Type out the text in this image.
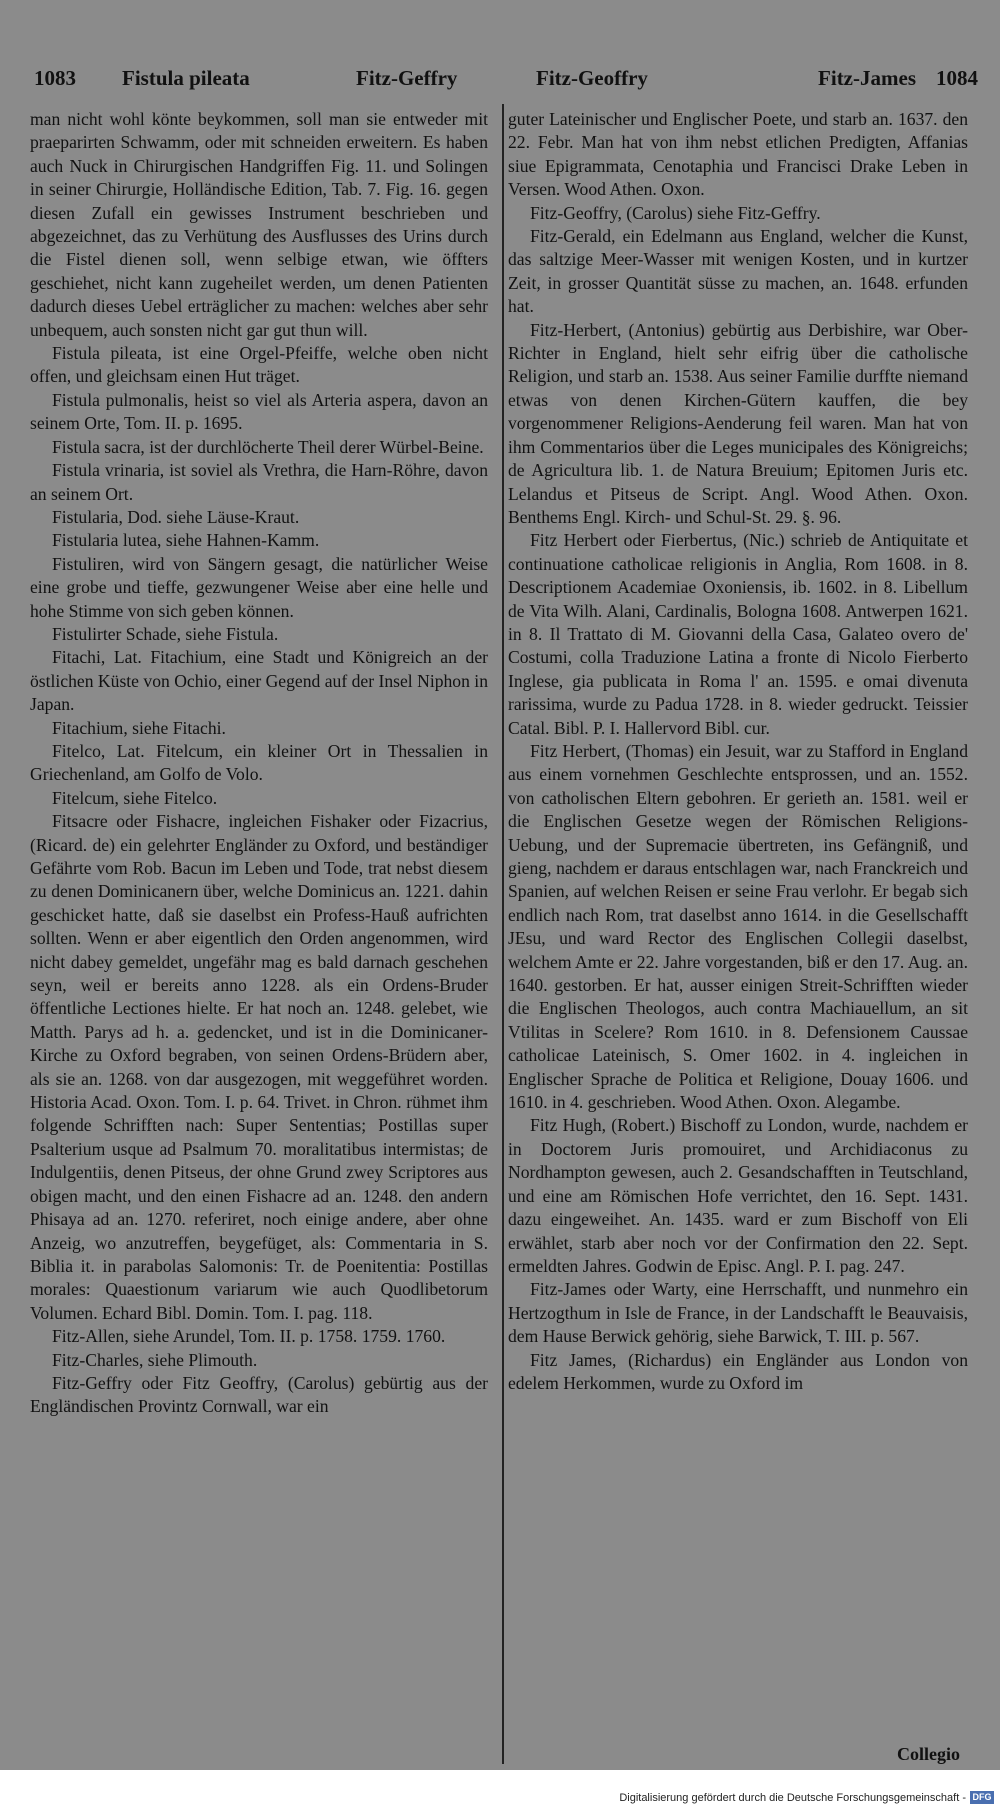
1083 Fistula pileata	Fitz-Geffry	Fitz-Geoffry	Fitz-James 1084

man nicht wohl könte beykommen, soll man sie entweder mit praeparirten Schwamm, oder mit schneiden erweitern. Es haben auch Nuck in Chirurgischen Handgriffen Fig. 11. und Solingen in seiner Chirurgie, Holländische Edition, Tab. 7. Fig. 16. gegen diesen Zufall ein gewisses Instrument beschrieben und abgezeichnet, das zu Verhütung des Ausflusses des Urins durch die Fistel dienen soll, wenn selbige etwan, wie öffters geschiehet, nicht kann zugeheilet werden, um denen Patienten dadurch dieses Uebel erträglicher zu machen: welches aber sehr unbequem, auch sonsten nicht gar gut thun will.

Fistula pileata, ist eine Orgel-Pfeiffe, welche oben nicht offen, und gleichsam einen Hut träget.

Fistula pulmonalis, heist so viel als Arteria aspera, davon an seinem Orte, Tom. II. p. 1695.

Fistula sacra, ist der durchlöcherte Theil derer Würbel-Beine.

Fistula vrinaria, ist soviel als Vrethra, die Harn-Röhre, davon an seinem Ort.

Fistularia, Dod. siehe Läuse-Kraut.

Fistularia lutea, siehe Hahnen-Kamm.

Fistuliren, wird von Sängern gesagt, die natürlicher Weise eine grobe und tieffe, gezwungener Weise aber eine helle und hohe Stimme von sich geben können.

Fistulirter Schade, siehe Fistula.

Fitachi, Lat. Fitachium, eine Stadt und Königreich an der östlichen Küste von Ochio, einer Gegend auf der Insel Niphon in Japan.

Fitachium, siehe Fitachi.

Fitelco, Lat. Fitelcum, ein kleiner Ort in Thessalien in Griechenland, am Golfo de Volo.

Fitelcum, siehe Fitelco.

Fitsacre oder Fishacre, ingleichen Fishaker oder Fizacrius, (Ricard. de) ein gelehrter Engländer zu Oxford, und beständiger Gefährte vom Rob. Bacun im Leben und Tode, trat nebst diesem zu denen Dominicanern über, welche Dominicus an. 1221. dahin geschicket hatte, daß sie daselbst ein Profess-Hauß aufrichten sollten. Wenn er aber eigentlich den Orden angenommen, wird nicht dabey gemeldet, ungefähr mag es bald darnach geschehen seyn, weil er bereits anno 1228. als ein Ordens-Bruder öffentliche Lectiones hielte. Er hat noch an. 1248. gelebet, wie Matth. Parys ad h. a. gedencket, und ist in die Dominicaner-Kirche zu Oxford begraben, von seinen Ordens-Brüdern aber, als sie an. 1268. von dar ausgezogen, mit weggeführet worden. Historia Acad. Oxon. Tom. I. p. 64. Trivet. in Chron. rühmet ihm folgende Schrifften nach: Super Sententias; Postillas super Psalterium usque ad Psalmum 70. moralitatibus intermistas; de Indulgentiis, denen Pitseus, der ohne Grund zwey Scriptores aus obigen macht, und den einen Fishacre ad an. 1248. den andern Phisaya ad an. 1270. referiret, noch einige andere, aber ohne Anzeig, wo anzutreffen, beygefüget, als: Commentaria in S. Biblia it. in parabolas Salomonis: Tr. de Poenitentia: Postillas morales: Quaestionum variarum wie auch Quodlibetorum Volumen. Echard Bibl. Domin. Tom. I. pag. 118.

Fitz-Allen, siehe Arundel, Tom. II. p. 1758. 1759. 1760.

Fitz-Charles, siehe Plimouth.

Fitz-Geffry oder Fitz Geoffry, (Carolus) gebürtig aus der Engländischen Provintz Cornwall, war ein

guter Lateinischer und Englischer Poete, und starb an. 1637. den 22. Febr. Man hat von ihm nebst etlichen Predigten, Affanias siue Epigrammata, Cenotaphia und Francisci Drake Leben in Versen. Wood Athen. Oxon.

Fitz-Geoffry, (Carolus) siehe Fitz-Geffry.

Fitz-Gerald, ein Edelmann aus England, welcher die Kunst, das saltzige Meer-Wasser mit wenigen Kosten, und in kurtzer Zeit, in grosser Quantität süsse zu machen, an. 1648. erfunden hat.

Fitz-Herbert, (Antonius) gebürtig aus Derbishire, war Ober-Richter in England, hielt sehr eifrig über die catholische Religion, und starb an. 1538. Aus seiner Familie durffte niemand etwas von denen Kirchen-Gütern kauffen, die bey vorgenommener Religions-Aenderung feil waren. Man hat von ihm Commentarios über die Leges municipales des Königreichs; de Agricultura lib. 1. de Natura Breuium; Epitomen Juris etc. Lelandus et Pitseus de Script. Angl. Wood Athen. Oxon. Benthems Engl. Kirch- und Schul-St. 29. §. 96.

Fitz Herbert oder Fierbertus, (Nic.) schrieb de Antiquitate et continuatione catholicae religionis in Anglia, Rom 1608. in 8. Descriptionem Academiae Oxoniensis, ib. 1602. in 8. Libellum de Vita Wilh. Alani, Cardinalis, Bologna 1608. Antwerpen 1621. in 8. Il Trattato di M. Giovanni della Casa, Galateo overo de' Costumi, colla Traduzione Latina a fronte di Nicolo Fierberto Inglese, gia publicata in Roma l' an. 1595. e omai divenuta rarissima, wurde zu Padua 1728. in 8. wieder gedruckt. Teissier Catal. Bibl. P. I. Hallervord Bibl. cur.

Fitz Herbert, (Thomas) ein Jesuit, war zu Stafford in England aus einem vornehmen Geschlechte entsprossen, und an. 1552. von catholischen Eltern gebohren. Er gerieth an. 1581. weil er die Englischen Gesetze wegen der Römischen Religions-Uebung, und der Supremacie übertreten, ins Gefängniß, und gieng, nachdem er daraus entschlagen war, nach Franckreich und Spanien, auf welchen Reisen er seine Frau verlohr. Er begab sich endlich nach Rom, trat daselbst anno 1614. in die Gesellschafft JEsu, und ward Rector des Englischen Collegii daselbst, welchem Amte er 22. Jahre vorgestanden, biß er den 17. Aug. an. 1640. gestorben. Er hat, ausser einigen Streit-Schrifften wieder die Englischen Theologos, auch contra Machiauellum, an sit Vtilitas in Scelere? Rom 1610. in 8. Defensionem Caussae catholicae Lateinisch, S. Omer 1602. in 4. ingleichen in Englischer Sprache de Politica et Religione, Douay 1606. und 1610. in 4. geschrieben. Wood Athen. Oxon. Alegambe.

Fitz Hugh, (Robert.) Bischoff zu London, wurde, nachdem er in Doctorem Juris promouiret, und Archidiaconus zu Nordhampton gewesen, auch 2. Gesandschafften in Teutschland, und eine am Römischen Hofe verrichtet, den 16. Sept. 1431. dazu eingeweihet. An. 1435. ward er zum Bischoff von Eli erwählet, starb aber noch vor der Confirmation den 22. Sept. ermeldten Jahres. Godwin de Episc. Angl. P. I. pag. 247.

Fitz-James oder Warty, eine Herrschafft, und nunmehro ein Hertzogthum in Isle de France, in der Landschafft le Beauvaisis, dem Hause Berwick gehörig, siehe Barwick, T. III. p. 567.

Fitz James, (Richardus) ein Engländer aus London von edelem Herkommen, wurde zu Oxford im

Collegio
Digitalisierung gefördert durch die Deutsche Forschungsgemeinschaft - DFG
